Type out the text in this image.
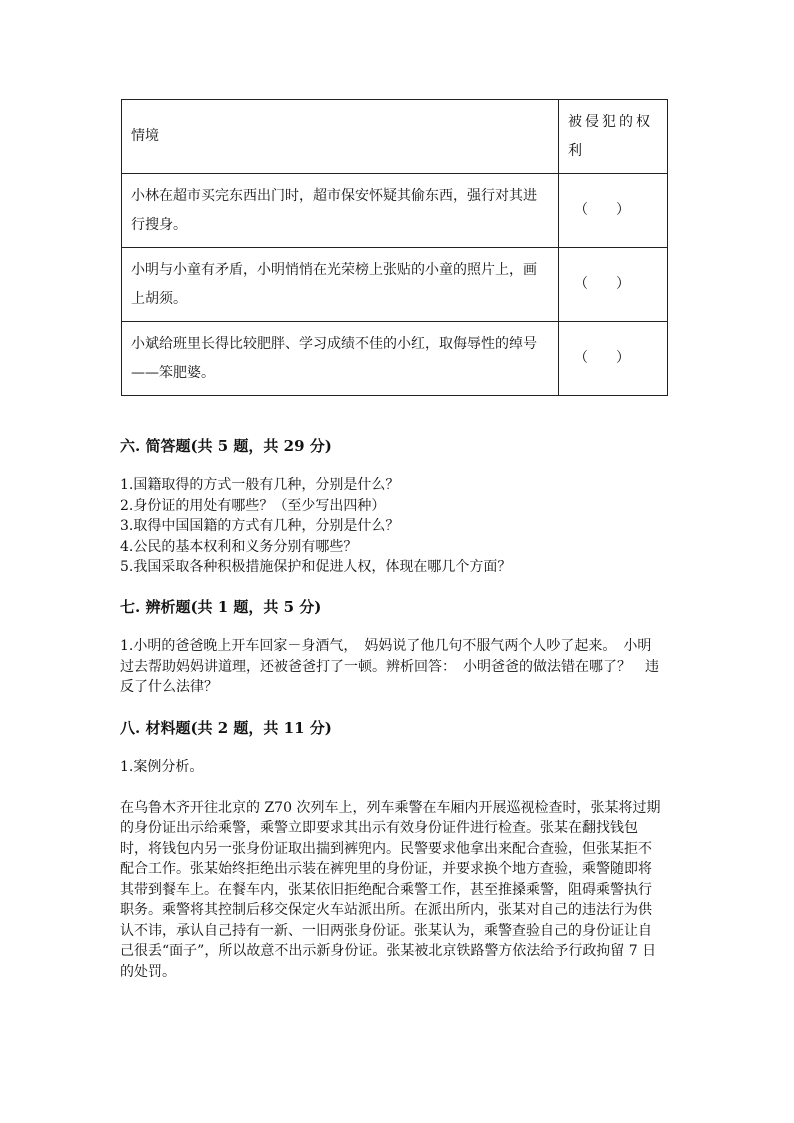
情境	被侵犯的权利
小林在超市买完东西出门时，超市保安怀疑其偷东西，强行对其进行搜身。	（　　）
小明与小童有矛盾，小明悄悄在光荣榜上张贴的小童的照片上，画上胡须。	（　　）
小斌给班里长得比较肥胖、学习成绩不佳的小红，取侮辱性的绰号——笨肥婆。	（　　）

六. 简答题(共 5 题，共 29 分)

1.国籍取得的方式一般有几种，分别是什么？
2.身份证的用处有哪些？（至少写出四种）
3.取得中国国籍的方式有几种，分别是什么？
4.公民的基本权利和义务分别有哪些？
5.我国采取各种积极措施保护和促进人权，体现在哪几个方面？

七. 辨析题(共 1 题，共 5 分)

1.小明的爸爸晚上开车回家－身酒气，　妈妈说了他几句不服气两个人吵了起来。　小明过去帮助妈妈讲道理，还被爸爸打了一顿。辨析回答：　小明爸爸的做法错在哪了？　违反了什么法律？

八. 材料题(共 2 题，共 11 分)

1.案例分析。

在乌鲁木齐开往北京的 Z70 次列车上，列车乘警在车厢内开展巡视检查时，张某将过期的身份证出示给乘警，乘警立即要求其出示有效身份证件进行检查。张某在翻找钱包时，将钱包内另一张身份证取出揣到裤兜内。民警要求他拿出来配合查验，但张某拒不配合工作。张某始终拒绝出示装在裤兜里的身份证，并要求换个地方查验，乘警随即将其带到餐车上。在餐车内，张某依旧拒绝配合乘警工作，甚至推搡乘警，阻碍乘警执行职务。乘警将其控制后移交保定火车站派出所。在派出所内，张某对自己的违法行为供认不讳，承认自己持有一新、一旧两张身份证。张某认为，乘警查验自己的身份证让自己很丢“面子”，所以故意不出示新身份证。张某被北京铁路警方依法给予行政拘留 7 日的处罚。
